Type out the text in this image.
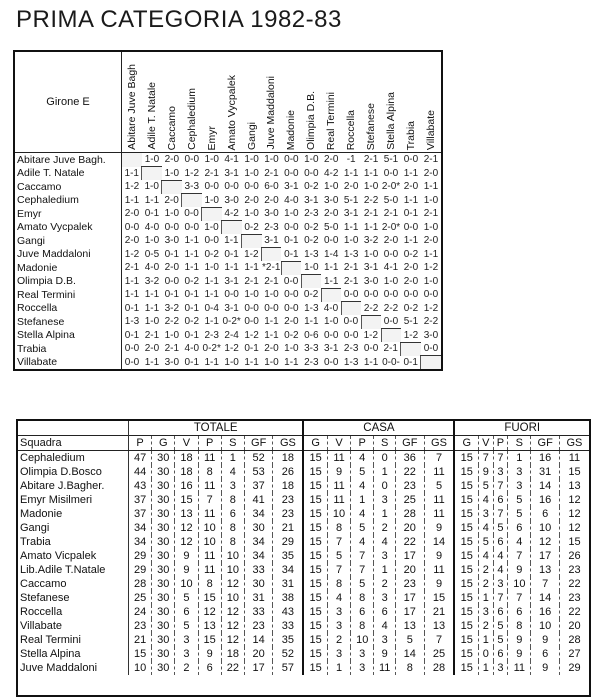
PRIMA CATEGORIA 1982-83
Girone E	Abitare Juve Bagh	Adile T. Natale	Caccamo	Cephaledium	Emyr	Amato Vycpalek	Gangi	Juve Maddaloni	Madonie	Olimpia D.B.	Real Termini	Roccella	Stefanese	Stella Alpina	Trabia	Villabate

Abitare Juve Bagh.		1-0	2-0	0-0	1-0	4-1	1-0	1-0	0-0	1-0	2-0	-1	2-1	5-1	0-0	2-1
Adile T. Natale	1-1		1-0	1-2	2-1	3-1	1-0	2-1	0-0	0-0	4-2	1-1	1-1	0-0	1-1	2-0
Caccamo	1-2	1-0		3-3	0-0	0-0	0-0	6-0	3-1	0-2	1-0	2-0	1-0	2-0*	2-0	1-1
Cephaledium	1-1	1-1	2-0		1-0	3-0	2-0	2-0	4-0	3-1	3-0	5-1	2-2	5-0	1-1	1-0
Emyr	2-0	0-1	1-0	0-0		4-2	1-0	3-0	1-0	2-3	2-0	3-1	2-1	2-1	0-1	2-1
Amato Vycpalek	0-0	4-0	0-0	0-0	1-0		0-2	2-3	0-0	0-2	5-0	1-1	1-1	2-0*	0-0	1-0
Gangi	2-0	1-0	3-0	1-1	0-0	1-1		3-1	0-1	0-2	0-0	1-0	3-2	2-0	1-1	2-0
Juve Maddaloni	1-2	0-5	0-1	1-1	0-2	0-1	1-2		0-1	1-3	1-4	1-3	1-0	0-0	0-2	1-1
Madonie	2-1	4-0	2-0	1-1	1-0	1-1	1-1	*2-1		1-0	1-1	2-1	3-1	4-1	2-0	1-2
Olimpia D.B.	1-1	3-2	0-0	0-2	1-1	3-1	2-1	2-1	0-0		1-1	2-1	3-0	1-0	2-0	1-0
Real Termini	1-1	1-1	0-1	0-1	1-1	0-0	1-0	1-0	0-0	0-2		0-0	0-0	0-0	0-0	0-0
Roccella	0-1	1-1	3-2	0-1	0-4	3-1	0-0	0-0	0-0	1-3	4-0		2-2	2-2	0-2	1-2
Stefanese	1-3	1-0	2-2	0-2	1-1	0-2*	0-0	1-1	2-0	1-1	1-0	0-0		0-0	5-1	2-2
Stella Alpina	0-1	2-1	1-0	0-1	2-3	2-4	1-2	1-1	0-2	0-6	0-0	0-0	1-2		1-2	3-0
Trabia	0-0	2-0	2-1	4-0	0-2*	1-2	0-1	2-0	1-0	3-3	3-1	2-3	0-0	2-1		0-0
Villabate	0-0	1-1	3-0	0-1	1-1	1-0	1-1	1-0	1-1	2-3	0-0	1-3	1-1	0-0-	0-1	
	TOTALE							CASA						FUORI					
Squadra	P	G	V	P	S	GF	GS	G	V	P	S	GF	GS	G	V	P	S	GF	GS
Cephaledium	47	30	18	11	1	52	18	15	11	4	0	36	7	15	7	7	1	16	11
Olimpia D.Bosco	44	30	18	8	4	53	26	15	9	5	1	22	11	15	9	3	3	31	15
Abitare J.Bagher.	43	30	16	11	3	37	18	15	11	4	0	23	5	15	5	7	3	14	13
Emyr Misilmeri	37	30	15	7	8	41	23	15	11	1	3	25	11	15	4	6	5	16	12
Madonie	37	30	13	11	6	34	23	15	10	4	1	28	11	15	3	7	5	6	12
Gangi	34	30	12	10	8	30	21	15	8	5	2	20	9	15	4	5	6	10	12
Trabia	34	30	12	10	8	34	29	15	7	4	4	22	14	15	5	6	4	12	15
Amato Vicpalek	29	30	9	11	10	34	35	15	5	7	3	17	9	15	4	4	7	17	26
Lib.Adile T.Natale	29	30	9	11	10	33	34	15	7	7	1	20	11	15	2	4	9	13	23
Caccamo	28	30	10	8	12	30	31	15	8	5	2	23	9	15	2	3	10	7	22
Stefanese	25	30	5	15	10	31	38	15	4	8	3	17	15	15	1	7	7	14	23
Roccella	24	30	6	12	12	33	43	15	3	6	6	17	21	15	3	6	6	16	22
Villabate	23	30	5	13	12	23	33	15	3	8	4	13	13	15	2	5	8	10	20
Real Termini	21	30	3	15	12	14	35	15	2	10	3	5	7	15	1	5	9	9	28
Stella Alpina	15	30	3	9	18	20	52	15	3	3	9	14	25	15	0	6	9	6	27
Juve Maddaloni	10	30	2	6	22	17	57	15	1	3	11	8	28	15	1	3	11	9	29
